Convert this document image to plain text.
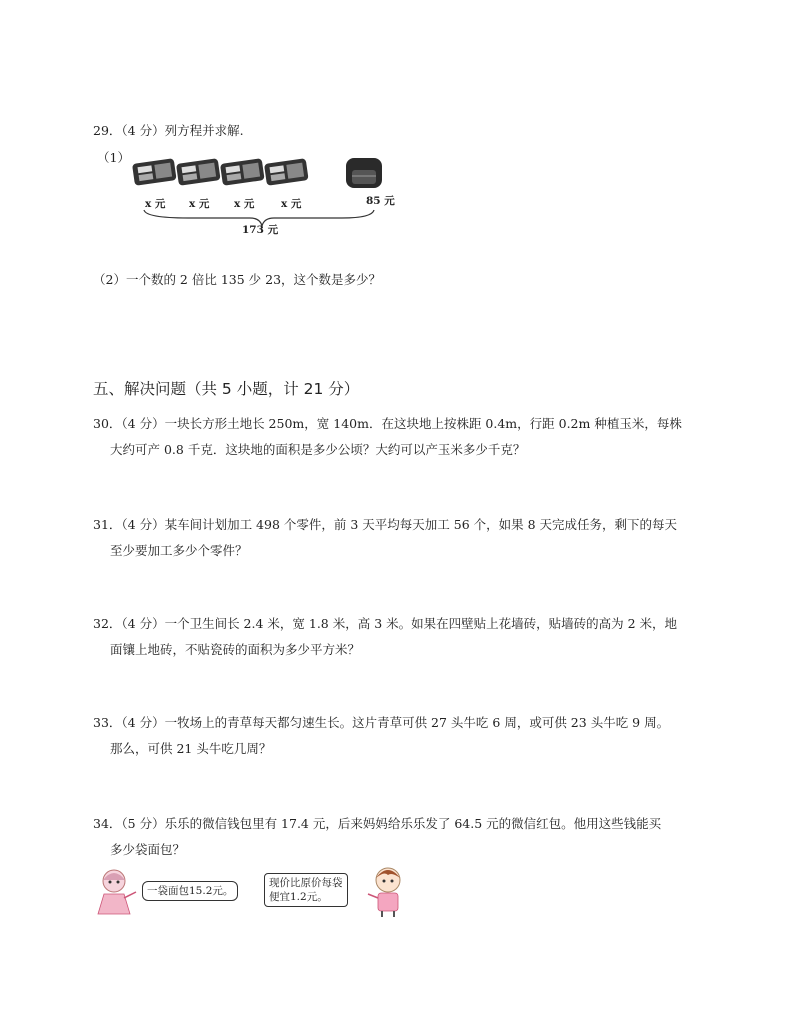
29．（4 分）列方程并求解.
（1）
x 元 x 元 x 元	x 元	85 元
173 元
（2）一个数的 2 倍比 135 少 23，这个数是多少？
五、解决问题（共 5 小题，计 21 分）
30．（4 分）一块长方形土地长 250m，宽 140m．在这块地上按株距 0.4m，行距 0.2m 种植玉米，每株
大约可产 0.8 千克．这块地的面积是多少公顷？大约可以产玉米多少千克？
31．（4 分）某车间计划加工 498 个零件，前 3 天平均每天加工 56 个，如果 8 天完成任务，剩下的每天
至少要加工多少个零件？
32．（4 分）一个卫生间长 2.4 米，宽 1.8 米，高 3 米。如果在四壁贴上花墙砖，贴墙砖的高为 2 米，地
面镶上地砖，不贴瓷砖的面积为多少平方米？
33．（4 分）一牧场上的青草每天都匀速生长。这片青草可供 27 头牛吃 6 周，或可供 23 头牛吃 9 周。
那么，可供 21 头牛吃几周？
34．（5 分）乐乐的微信钱包里有 17.4 元，后来妈妈给乐乐发了 64.5 元的微信红包。他用这些钱能买
多少袋面包？
一袋面包15.2元。
现价比原价每袋
便宜1.2元。
